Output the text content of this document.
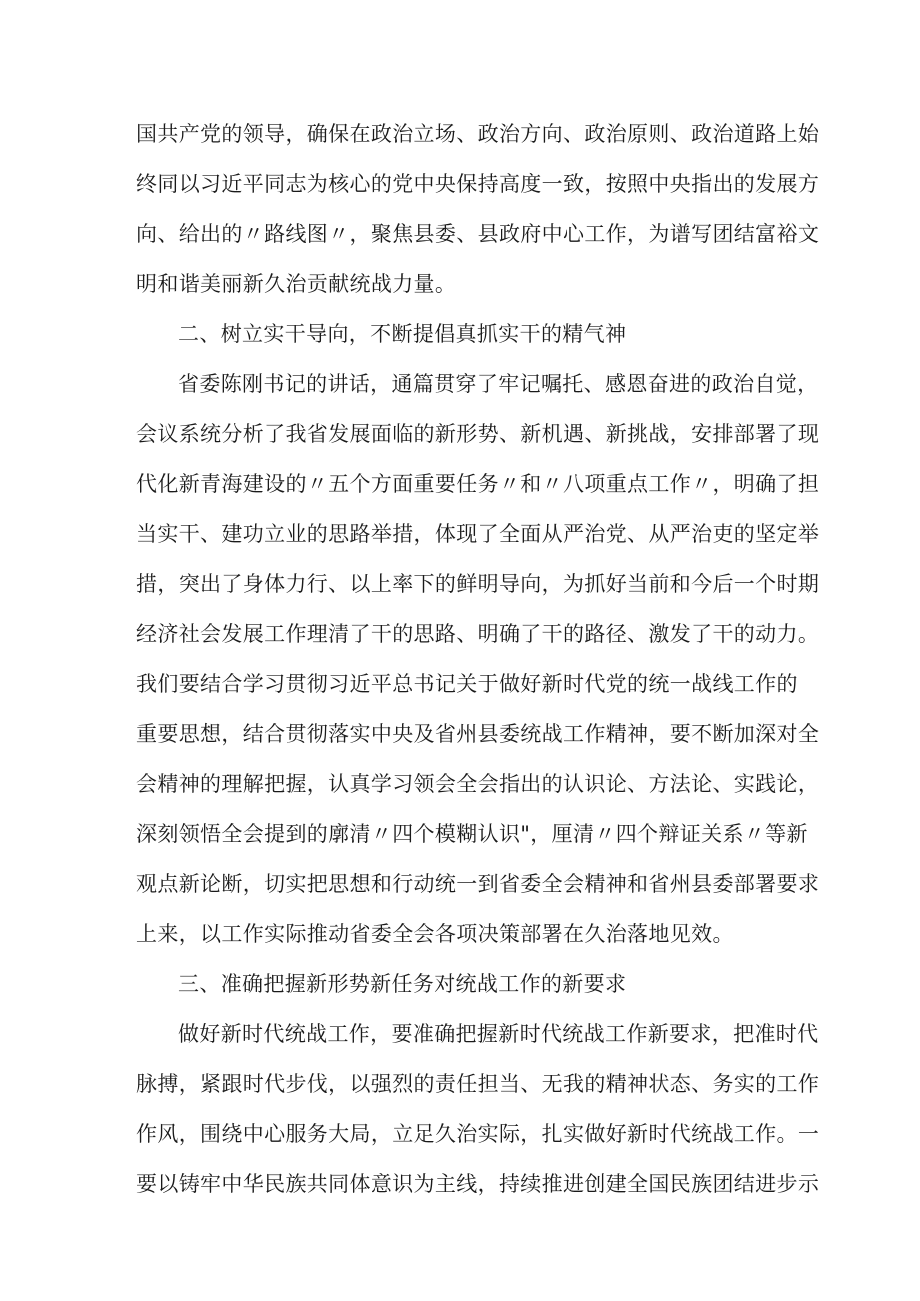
国共产党的领导，确保在政治立场、政治方向、政治原则、政治道路上始
终同以习近平同志为核心的党中央保持高度一致，按照中央指出的发展方
向、给出的〃路线图〃，聚焦县委、县政府中心工作，为谱写团结富裕文
明和谐美丽新久治贡献统战力量。
二、树立实干导向，不断提倡真抓实干的精气神
省委陈刚书记的讲话，通篇贯穿了牢记嘱托、感恩奋进的政治自觉，
会议系统分析了我省发展面临的新形势、新机遇、新挑战，安排部署了现
代化新青海建设的〃五个方面重要任务〃和〃八项重点工作〃，明确了担
当实干、建功立业的思路举措，体现了全面从严治党、从严治吏的坚定举
措，突出了身体力行、以上率下的鲜明导向，为抓好当前和今后一个时期
经济社会发展工作理清了干的思路、明确了干的路径、激发了干的动力。
我们要结合学习贯彻习近平总书记关于做好新时代党的统一战线工作的
重要思想，结合贯彻落实中央及省州县委统战工作精神，要不断加深对全
会精神的理解把握，认真学习领会全会指出的认识论、方法论、实践论，
深刻领悟全会提到的廓清〃四个模糊认识"，厘清〃四个辩证关系〃等新
观点新论断，切实把思想和行动统一到省委全会精神和省州县委部署要求
上来，以工作实际推动省委全会各项决策部署在久治落地见效。
三、准确把握新形势新任务对统战工作的新要求
做好新时代统战工作，要准确把握新时代统战工作新要求，把准时代
脉搏，紧跟时代步伐，以强烈的责任担当、无我的精神状态、务实的工作
作风，围绕中心服务大局，立足久治实际，扎实做好新时代统战工作。一
要以铸牢中华民族共同体意识为主线，持续推进创建全国民族团结进步示
